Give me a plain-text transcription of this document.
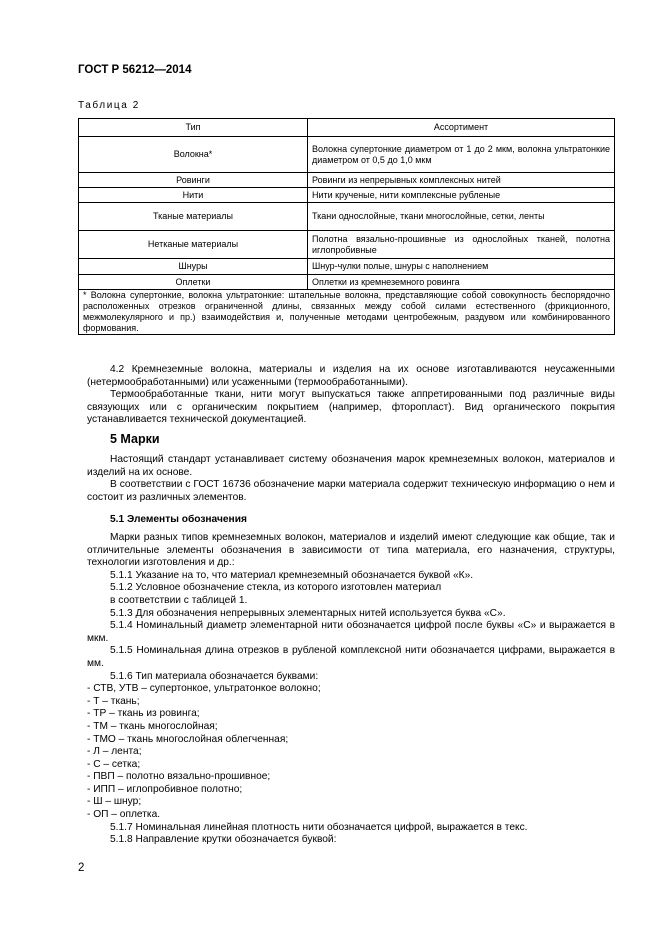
ГОСТ Р 56212—2014
Таблица 2
Тип	Ассортимент
Волокна*	Волокна супертонкие диаметром от 1 до 2 мкм, волокна ультратонкие диаметром от 0,5 до 1,0 мкм
Ровинги	Ровинги из непрерывных комплексных нитей
Нити	Нити крученые, нити комплексные рубленые
Тканые материалы	Ткани однослойные, ткани многослойные, сетки, ленты
Нетканые материалы	Полотна вязально-прошивные из однослойных тканей, полотна иглопробивные
Шнуры	Шнур-чулки полые, шнуры с наполнением
Оплетки	Оплетки из кремнеземного ровинга
* Волокна супертонкие, волокна ультратонкие: штапельные волокна, представляющие собой совокупность беспорядочно расположенных отрезков ограниченной длины, связанных между собой силами естественного (фрикционного, межмолекулярного и пр.) взаимодействия и, полученные методами центробежным, раздувом или комбинированного формования.	

4.2 Кремнеземные волокна, материалы и изделия на их основе изготавливаются неусаженными (нетермообработанными) или усаженными (термообработанными).

Термообработанные ткани, нити могут выпускаться также аппретированными под различные виды связующих или с органическим покрытием (например, фторопласт). Вид органического покрытия устанавливается технической документацией.

5 Марки

Настоящий стандарт устанавливает систему обозначения марок кремнеземных волокон, материалов и изделий на их основе.

В соответствии с ГОСТ 16736 обозначение марки материала содержит техническую информацию о нем и состоит из различных элементов.

5.1 Элементы обозначения

Марки разных типов кремнеземных волокон, материалов и изделий имеют следующие как общие, так и отличительные элементы обозначения в зависимости от типа материала, его назначения, структуры, технологии изготовления и др.:

5.1.1 Указание на то, что материал кремнеземный обозначается буквой «К».

5.1.2 Условное обозначение стекла, из которого изготовлен материал

в соответствии с таблицей 1.

5.1.3 Для обозначения непрерывных элементарных нитей используется буква «С».

5.1.4 Номинальный диаметр элементарной нити обозначается цифрой после буквы «С» и выражается в мкм.

5.1.5 Номинальная длина отрезков в рубленой комплексной нити обозначается цифрами, выражается в мм.

5.1.6 Тип материала обозначается буквами:

- СТВ, УТВ – супертонкое, ультратонкое волокно;

- Т – ткань;

- ТР – ткань из ровинга;

- ТМ – ткань многослойная;

- ТМО – ткань многослойная облегченная;

- Л – лента;

- С – сетка;

- ПВП – полотно вязально-прошивное;

- ИПП – иглопробивное полотно;

- Ш – шнур;

- ОП – оплетка.

5.1.7 Номинальная линейная плотность нити обозначается цифрой, выражается в текс.

5.1.8 Направление крутки обозначается буквой:

2
